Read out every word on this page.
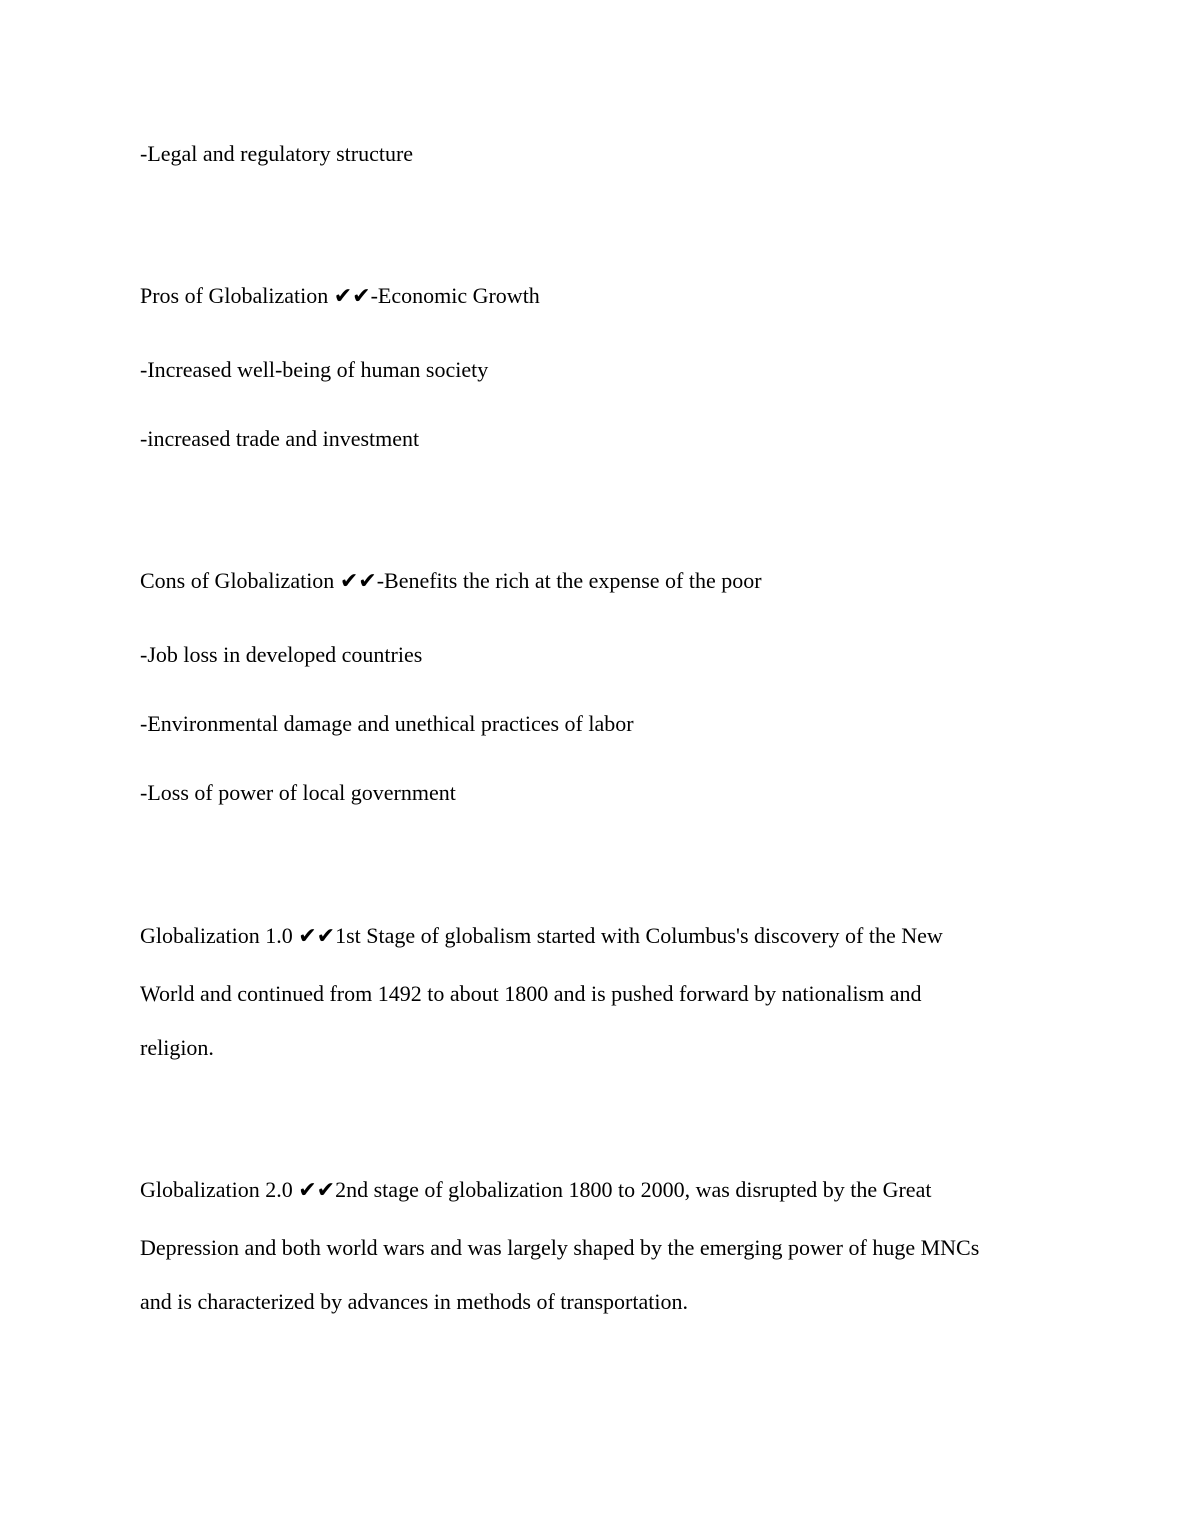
-Legal and regulatory structure
Pros of Globalization ✔✔-Economic Growth
-Increased well-being of human society
-increased trade and investment
Cons of Globalization ✔✔-Benefits the rich at the expense of the poor
-Job loss in developed countries
-Environmental damage and unethical practices of labor
-Loss of power of local government
Globalization 1.0 ✔✔1st Stage of globalism started with Columbus's discovery of the New
World and continued from 1492 to about 1800 and is pushed forward by nationalism and
religion.
Globalization 2.0 ✔✔2nd stage of globalization 1800 to 2000, was disrupted by the Great
Depression and both world wars and was largely shaped by the emerging power of huge MNCs
and is characterized by advances in methods of transportation.
